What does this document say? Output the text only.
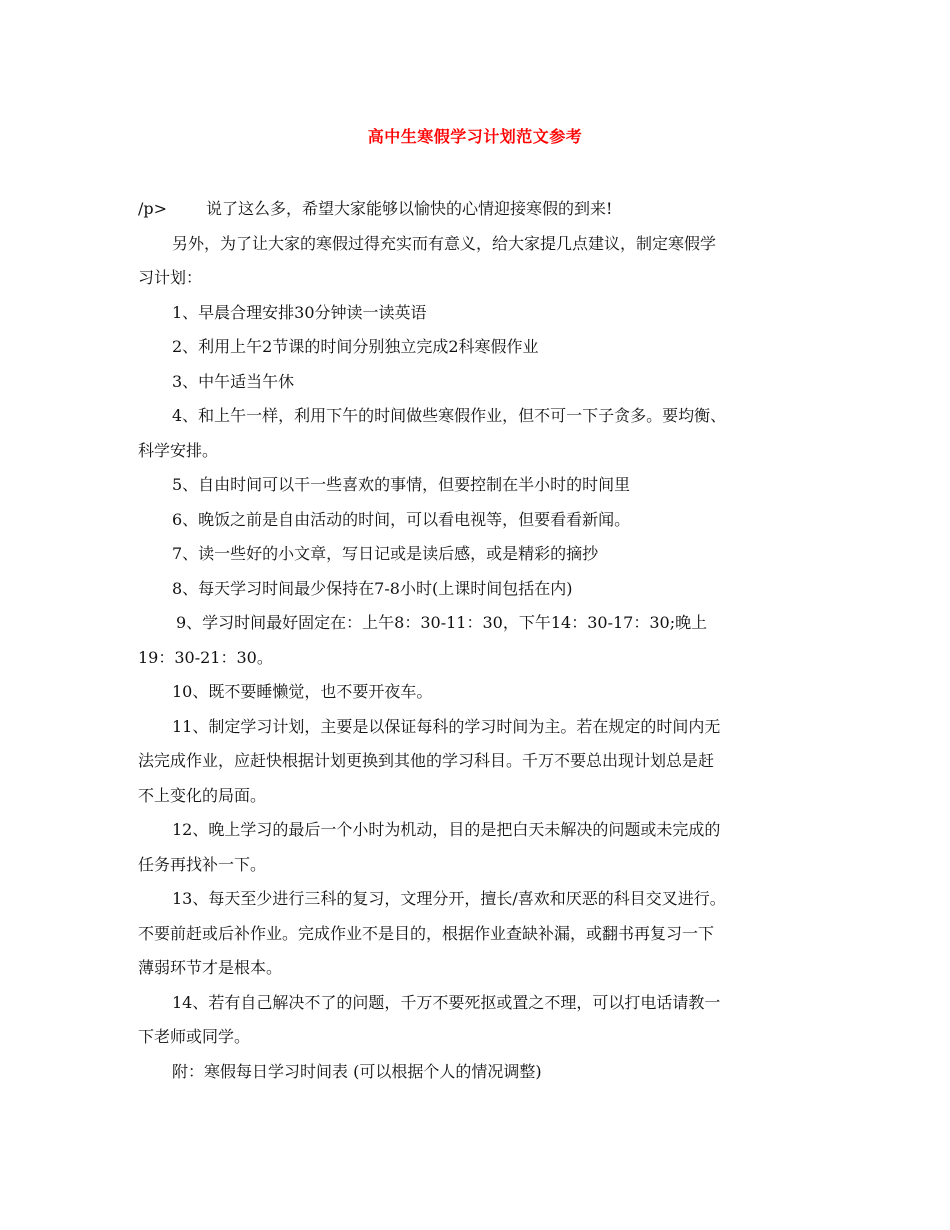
高中生寒假学习计划范文参考
/p> 说了这么多，希望大家能够以愉快的心情迎接寒假的到来!
另外，为了让大家的寒假过得充实而有意义，给大家提几点建议，制定寒假学
习计划：
1、早晨合理安排30分钟读一读英语
2、利用上午2节课的时间分别独立完成2科寒假作业
3、中午适当午休
4、和上午一样，利用下午的时间做些寒假作业，但不可一下子贪多。要均衡、
科学安排。
5、自由时间可以干一些喜欢的事情，但要控制在半小时的时间里
6、晚饭之前是自由活动的时间，可以看电视等，但要看看新闻。
7、读一些好的小文章，写日记或是读后感，或是精彩的摘抄
8、每天学习时间最少保持在7-8小时(上课时间包括在内)
9、学习时间最好固定在：上午8：30-11：30，下午14：30-17：30;晚上
19：30-21：30。
10、既不要睡懒觉，也不要开夜车。
11、制定学习计划，主要是以保证每科的学习时间为主。若在规定的时间内无
法完成作业，应赶快根据计划更换到其他的学习科目。千万不要总出现计划总是赶
不上变化的局面。
12、晚上学习的最后一个小时为机动，目的是把白天未解决的问题或未完成的
任务再找补一下。
13、每天至少进行三科的复习，文理分开，擅长/喜欢和厌恶的科目交叉进行。
不要前赶或后补作业。完成作业不是目的，根据作业查缺补漏，或翻书再复习一下
薄弱环节才是根本。
14、若有自己解决不了的问题，千万不要死抠或置之不理，可以打电话请教一
下老师或同学。
附：寒假每日学习时间表 (可以根据个人的情况调整)
